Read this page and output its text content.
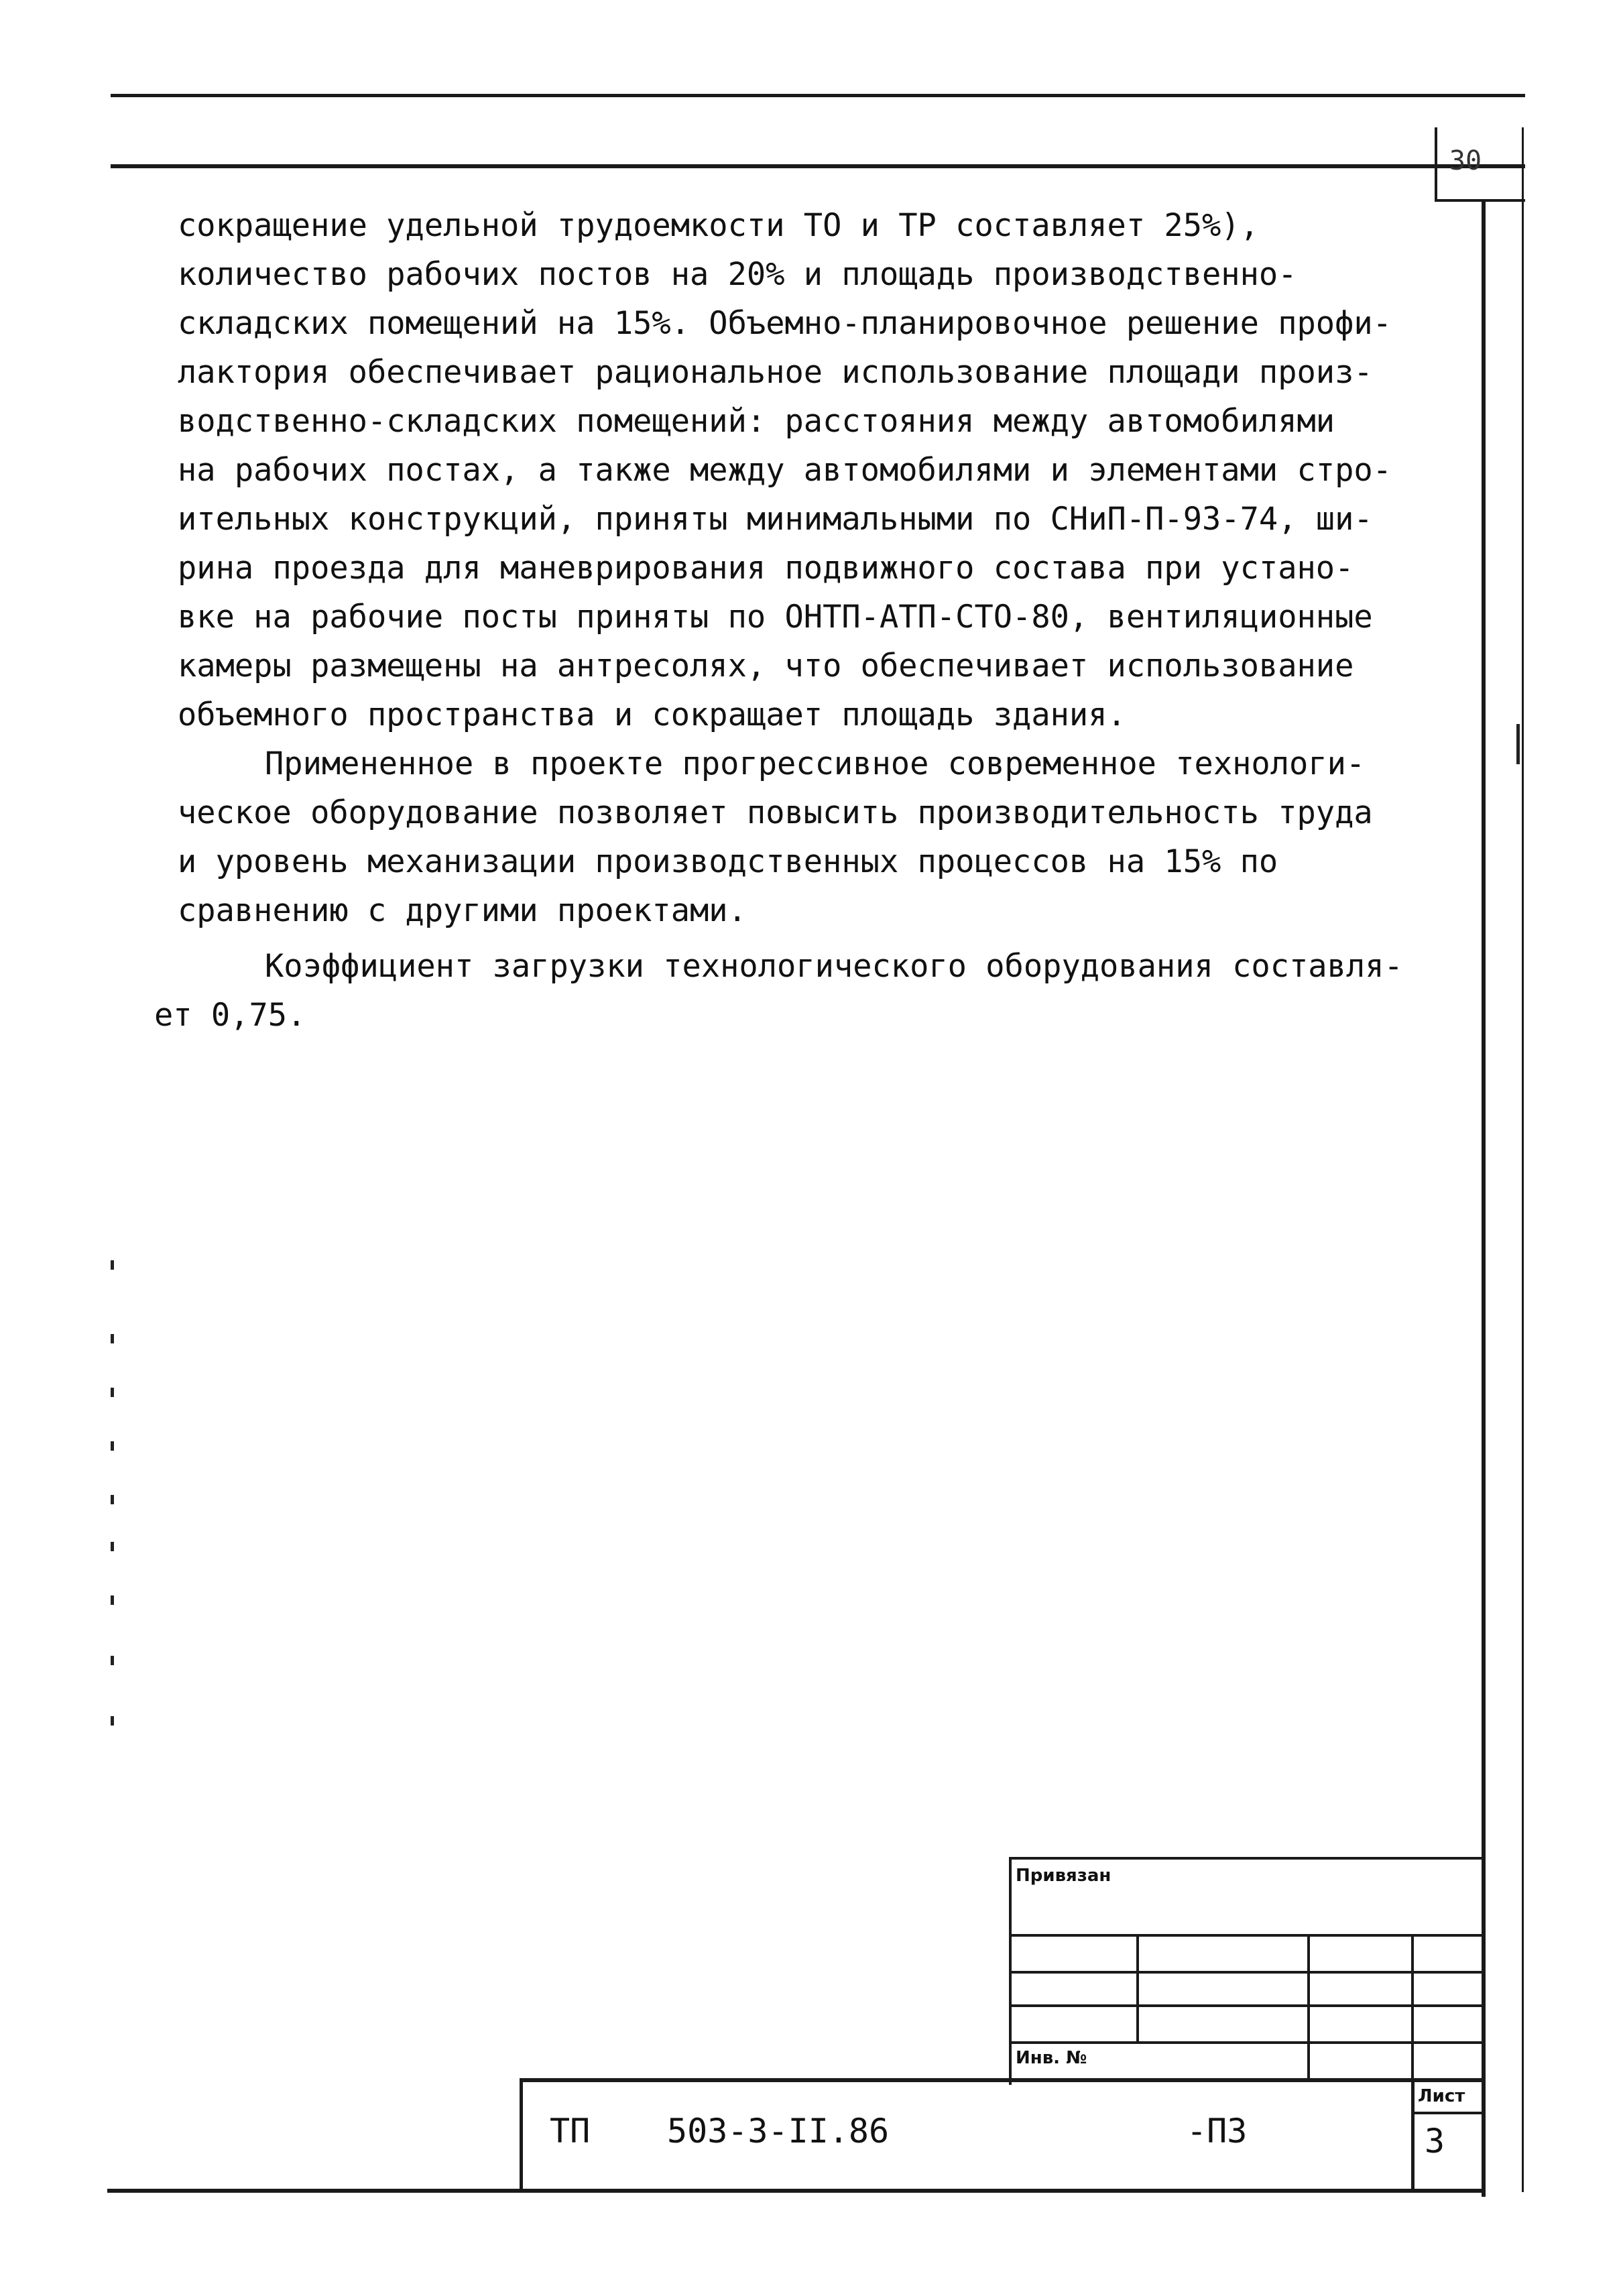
30
сокращение удельной трудоемкости ТО и ТР составляет 25%),
количество рабочих постов на 20% и площадь производственно-
складских помещений на 15%. Объемно-планировочное решение профи-
лактория обеспечивает рациональное использование площади произ-
водственно-складских помещений: расстояния между автомобилями
на рабочих постах, а также между автомобилями и элементами стро-
ительных конструкций, приняты минимальными по СНиП-П-93-74, ши-
рина проезда для маневрирования подвижного состава при устано-
вке на рабочие посты приняты по ОНТП-АТП-СТО-80, вентиляционные
камеры размещены на антресолях, что обеспечивает использование
объемного пространства и сокращает площадь здания.
Примененное в проекте прогрессивное современное технологи-
ческое оборудование позволяет повысить производительность труда
и уровень механизации производственных процессов на 15% по
сравнению с другими проектами.
Коэффициент загрузки технологического оборудования составля-
ет 0,75.
Привязан
Инв. №
ТП 503-3-II.86	-ПЗ
Лист
3
